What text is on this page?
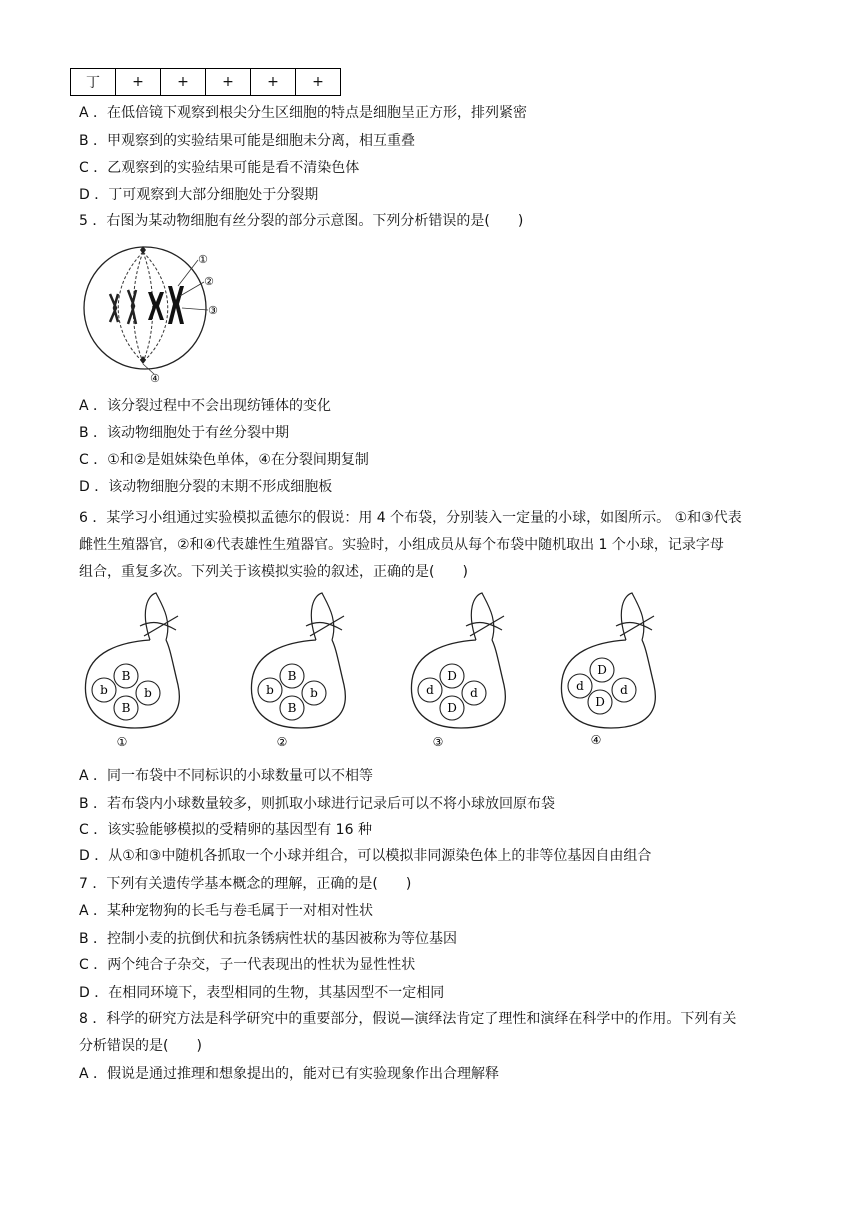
丁	+	+	+	+	+
A ．在低倍镜下观察到根尖分生区细胞的特点是细胞呈正方形，排列紧密
B ．甲观察到的实验结果可能是细胞未分离，相互重叠
C ．乙观察到的实验结果可能是看不清染色体
D ．丁可观察到大部分细胞处于分裂期
5 ．右图为某动物细胞有丝分裂的部分示意图。下列分析错误的是(　　)
①
②
③
④
A ．该分裂过程中不会出现纺锤体的变化
B ．该动物细胞处于有丝分裂中期
C ．①和②是姐妹染色单体，④在分裂间期复制
D ．该动物细胞分裂的末期不形成细胞板
6 ．某学习小组通过实验模拟孟德尔的假说：用 4 个布袋，分别装入一定量的小球，如图所示。 ①和③代表
雌性生殖器官，②和④代表雄性生殖器官。实验时，小组成员从每个布袋中随机取出 1 个小球，记录字母
组合，重复多次。下列关于该模拟实验的叙述，正确的是(　　)
B
b	b
B
①
B
b	b
B
②
D
d	d
D
③
D
d	d
D
④
A ．同一布袋中不同标识的小球数量可以不相等
B ．若布袋内小球数量较多，则抓取小球进行记录后可以不将小球放回原布袋
C ．该实验能够模拟的受精卵的基因型有 16 种
D ．从①和③中随机各抓取一个小球并组合，可以模拟非同源染色体上的非等位基因自由组合
7 ．下列有关遗传学基本概念的理解，正确的是(　　)
A ．某种宠物狗的长毛与卷毛属于一对相对性状
B ．控制小麦的抗倒伏和抗条锈病性状的基因被称为等位基因
C ．两个纯合子杂交，子一代表现出的性状为显性性状
D ．在相同环境下，表型相同的生物，其基因型不一定相同
8 ．科学的研究方法是科学研究中的重要部分，假说—演绎法肯定了理性和演绎在科学中的作用。下列有关
分析错误的是(　　)
A ．假说是通过推理和想象提出的，能对已有实验现象作出合理解释
